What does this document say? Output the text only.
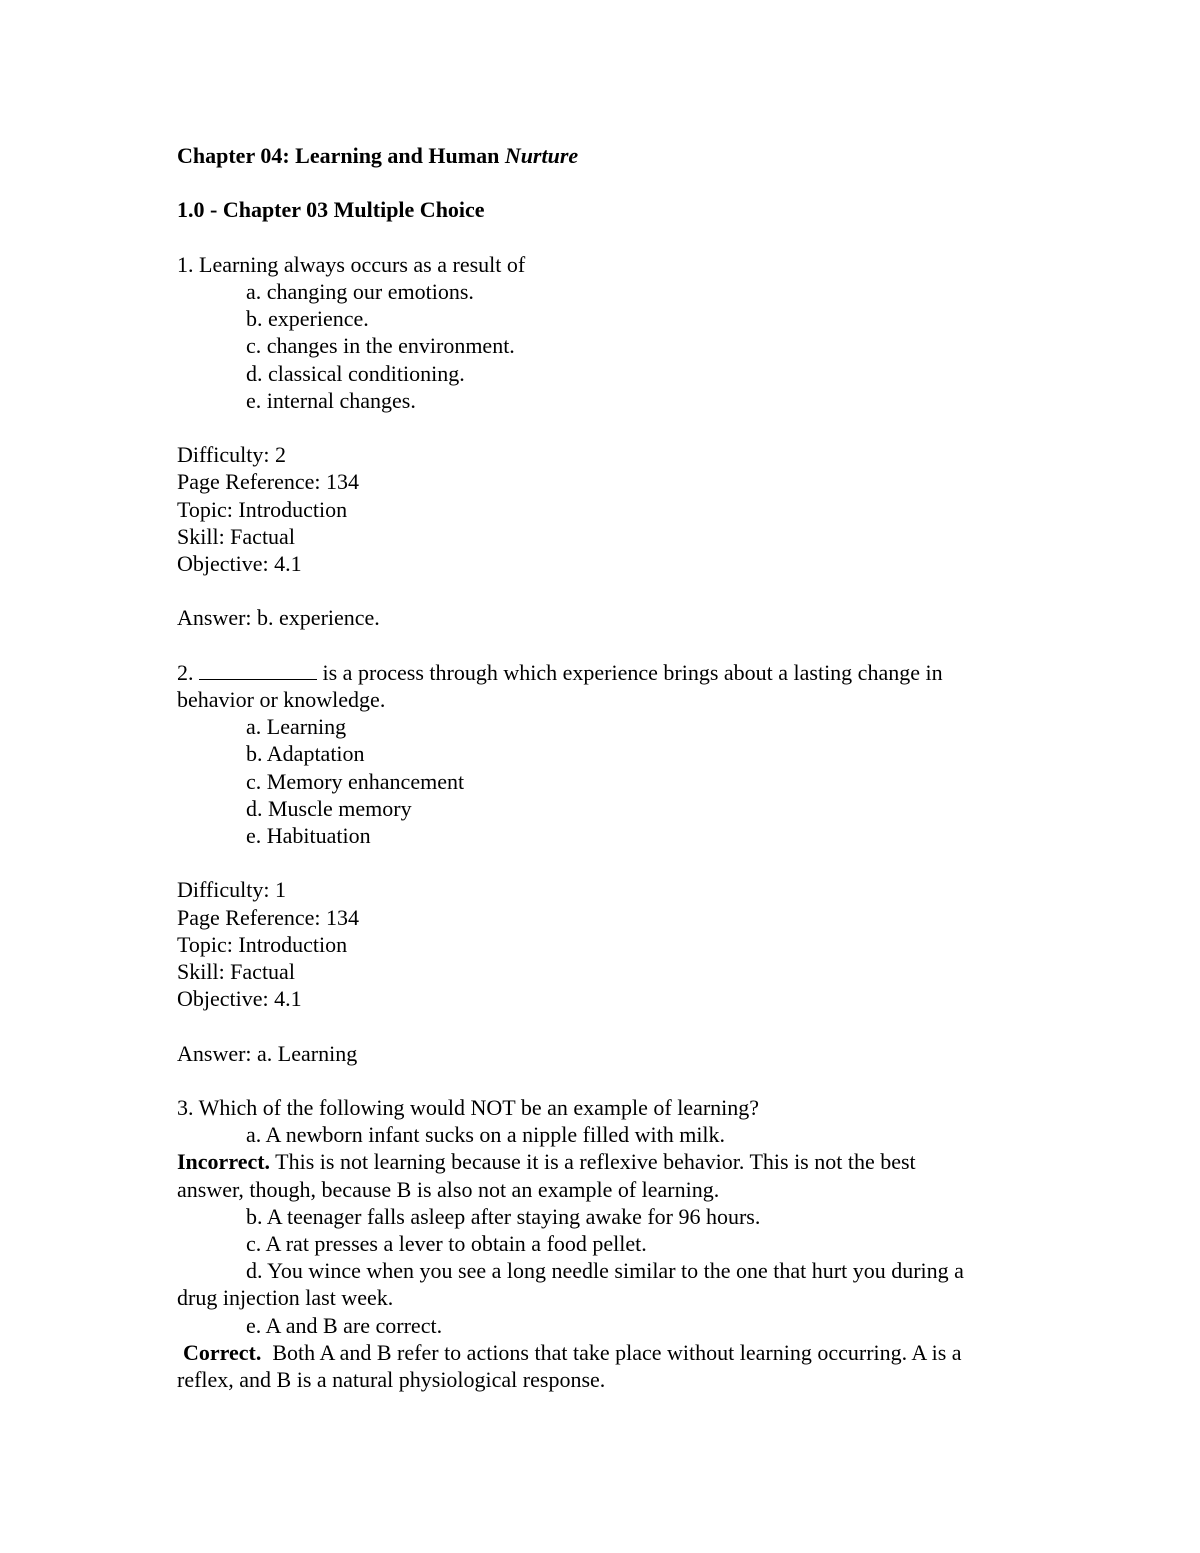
Chapter 04: Learning and Human Nurture

1.0 - Chapter 03 Multiple Choice

1. Learning always occurs as a result of

a. changing our emotions.

b. experience.

c. changes in the environment.

d. classical conditioning.

e. internal changes.

Difficulty: 2

Page Reference: 134

Topic: Introduction

Skill: Factual

Objective: 4.1

Answer: b. experience.

2.	is a process through which experience brings about a lasting change in

behavior or knowledge.

a. Learning

b. Adaptation

c. Memory enhancement

d. Muscle memory

e. Habituation

Difficulty: 1

Page Reference: 134

Topic: Introduction

Skill: Factual

Objective: 4.1

Answer: a. Learning

3. Which of the following would NOT be an example of learning?

a. A newborn infant sucks on a nipple filled with milk.

Incorrect. This is not learning because it is a reflexive behavior. This is not the best

answer, though, because B is also not an example of learning.

b. A teenager falls asleep after staying awake for 96 hours.

c. A rat presses a lever to obtain a food pellet.

d. You wince when you see a long needle similar to the one that hurt you during a

drug injection last week.

e. A and B are correct.

Correct.  Both A and B refer to actions that take place without learning occurring. A is a

reflex, and B is a natural physiological response.
